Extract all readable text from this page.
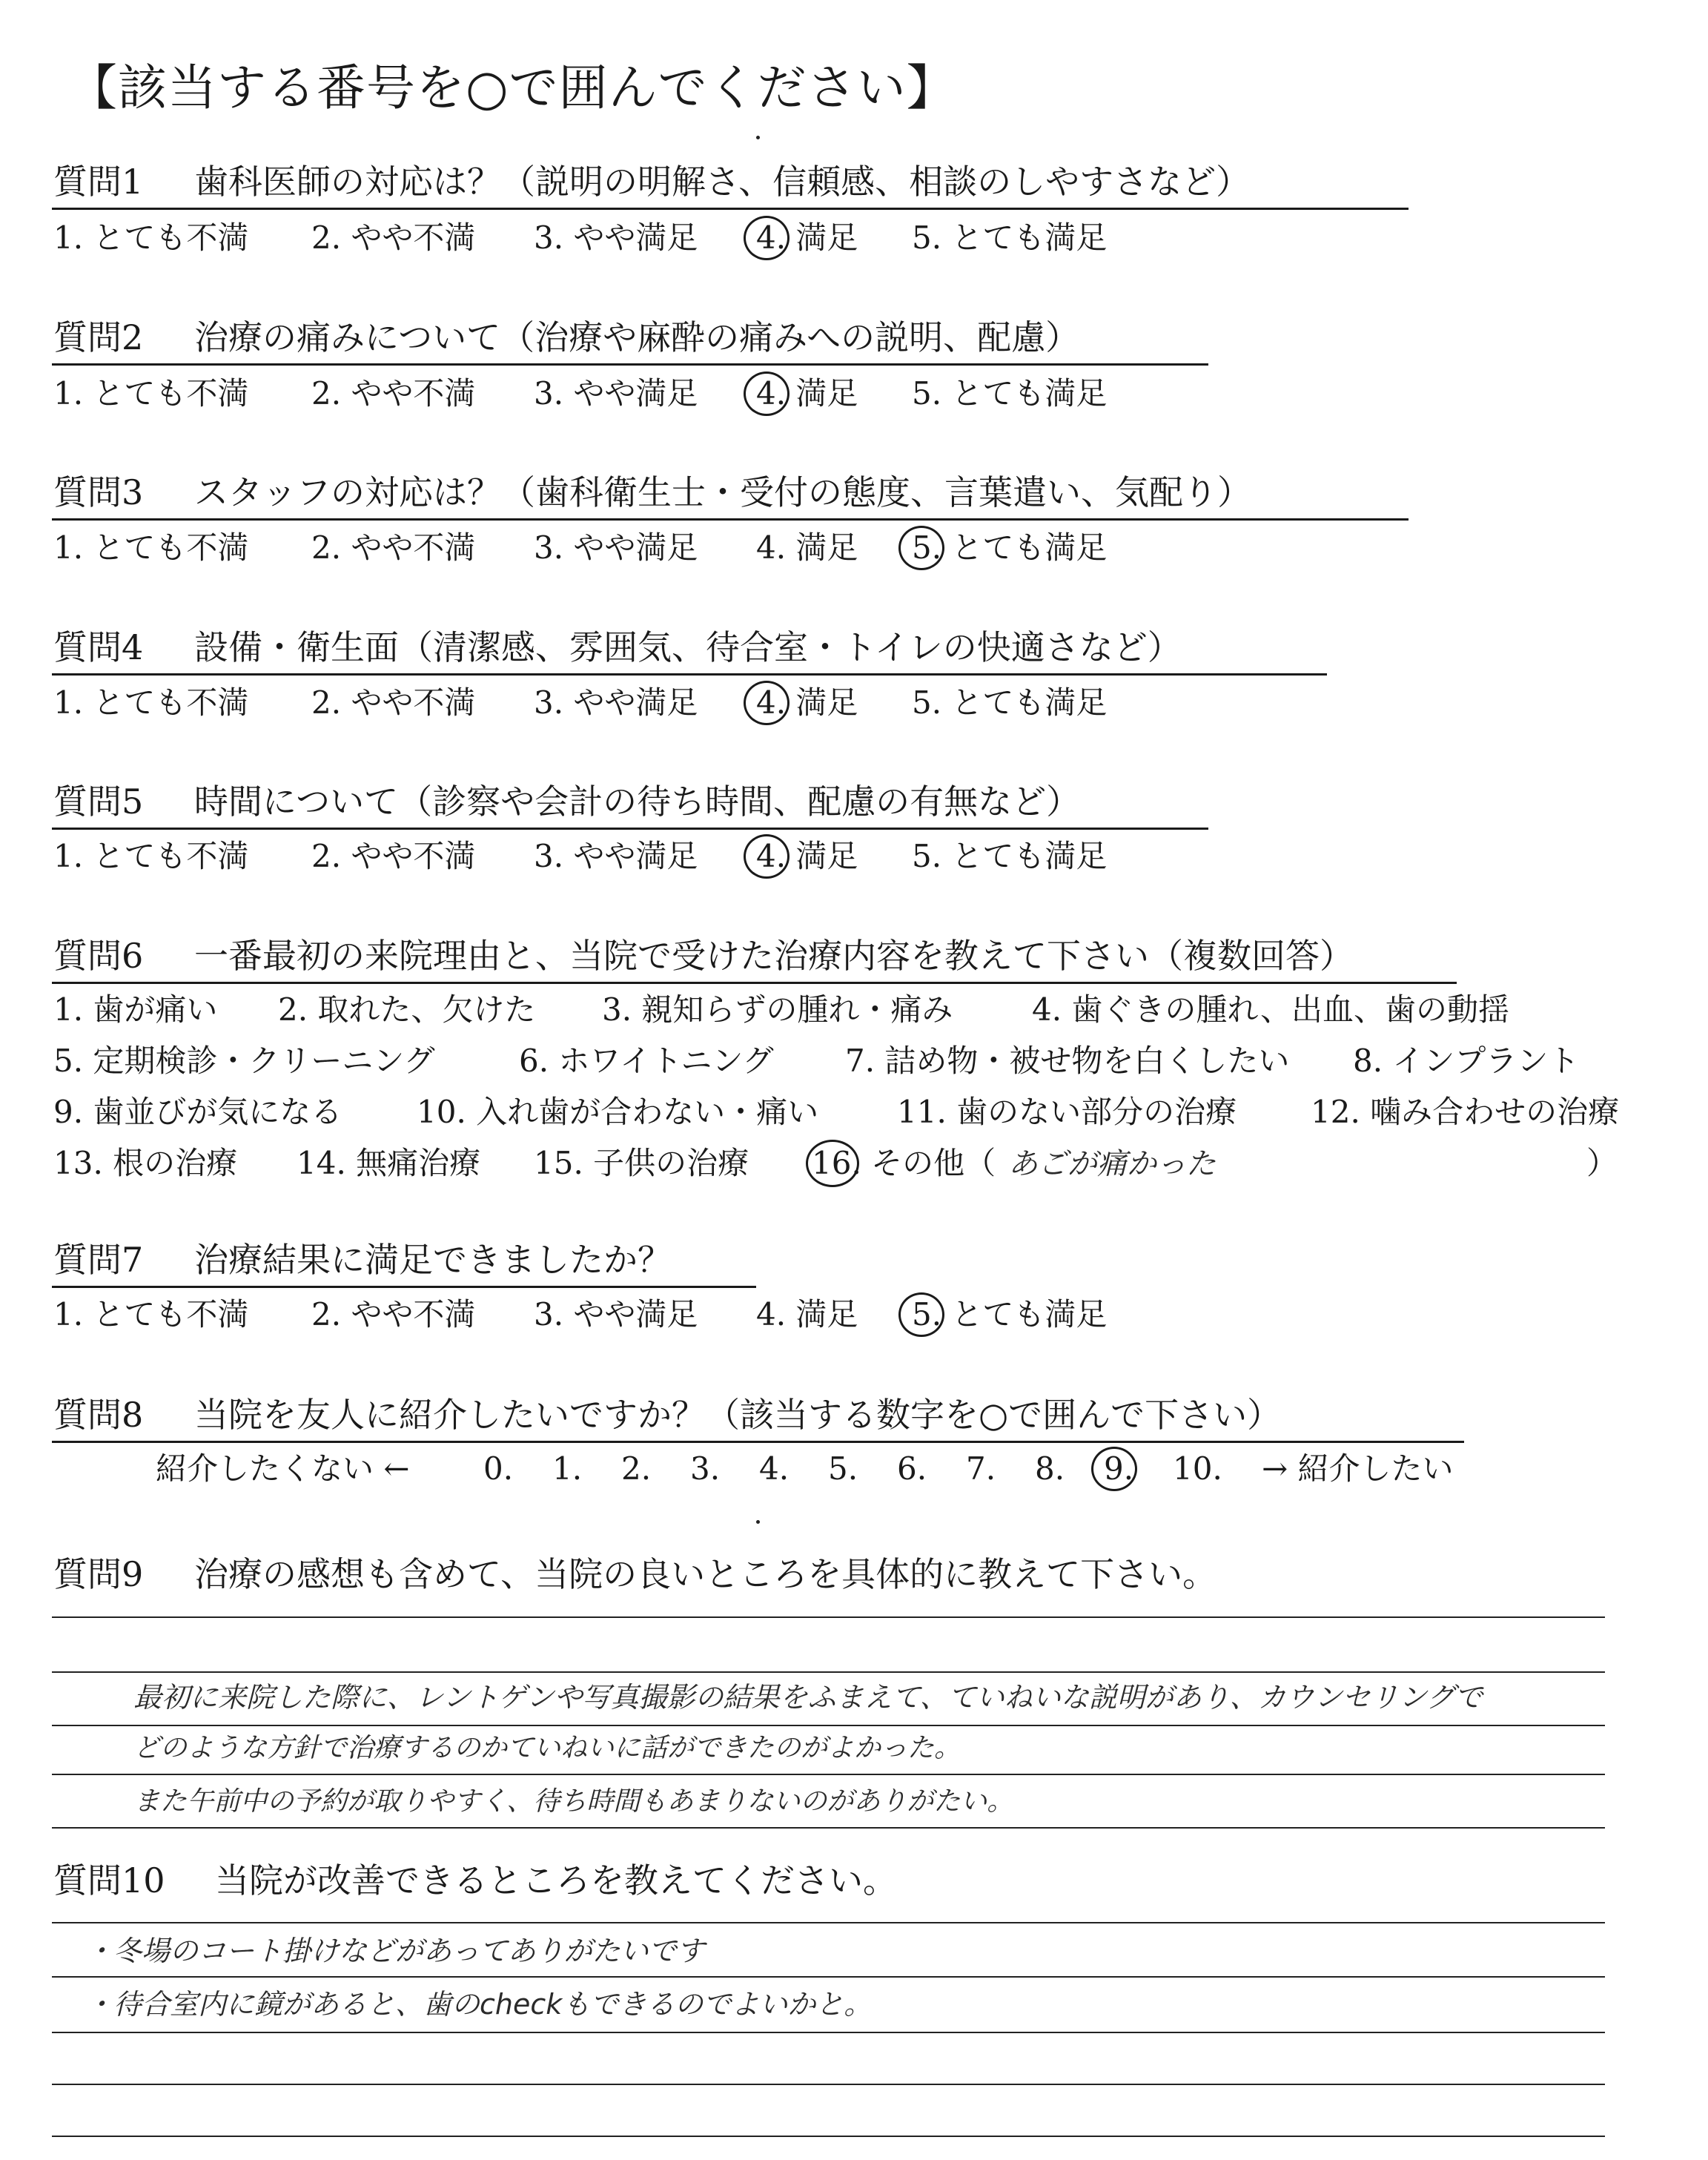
【該当する番号を○で囲んでください】
質問1 歯科医師の対応は？（説明の明解さ、信頼感、相談のしやすさなど）
1. とても不満 2. やや不満 3. やや満足 4. 満足 5. とても満足
質問2 治療の痛みについて（治療や麻酔の痛みへの説明、配慮）
1. とても不満 2. やや不満 3. やや満足 4. 満足 5. とても満足
質問3 スタッフの対応は？（歯科衛生士・受付の態度、言葉遣い、気配り）
1. とても不満 2. やや不満 3. やや満足 4. 満足 5. とても満足
質問4 設備・衛生面（清潔感、雰囲気、待合室・トイレの快適さなど）
1. とても不満 2. やや不満 3. やや満足 4. 満足 5. とても満足
質問5 時間について（診察や会計の待ち時間、配慮の有無など）
1. とても不満 2. やや不満 3. やや満足 4. 満足 5. とても満足
質問6 一番最初の来院理由と、当院で受けた治療内容を教えて下さい（複数回答）
1. 歯が痛い 2. 取れた、欠けた 3. 親知らずの腫れ・痛み	4. 歯ぐきの腫れ、出血、歯の動揺
5. 定期検診・クリーニング	6. ホワイトニング 7. 詰め物・被せ物を白くしたい 8. インプラント
9. 歯並びが気になる 10. 入れ歯が合わない・痛い	11. 歯のない部分の治療 12. 噛み合わせの治療
13. 根の治療 14. 無痛治療 15. 子供の治療 16. その他（ あごが痛かった	）
質問7 治療結果に満足できましたか？
1. とても不満 2. やや不満 3. やや満足 4. 満足 5. とても満足
質問8 当院を友人に紹介したいですか？（該当する数字を○で囲んで下さい）
紹介したくない ← 0. 1. 2. 3. 4. 5. 6. 7. 8. 9. 10. → 紹介したい
質問9 治療の感想も含めて、当院の良いところを具体的に教えて下さい。
最初に来院した際に、レントゲンや写真撮影の結果をふまえて、ていねいな説明があり、カウンセリングで
どのような方針で治療するのかていねいに話ができたのがよかった。
また午前中の予約が取りやすく、待ち時間もあまりないのがありがたい。
質問10 当院が改善できるところを教えてください。
・冬場のコート掛けなどがあってありがたいです
・待合室内に鏡があると、歯のcheckもできるのでよいかと。
